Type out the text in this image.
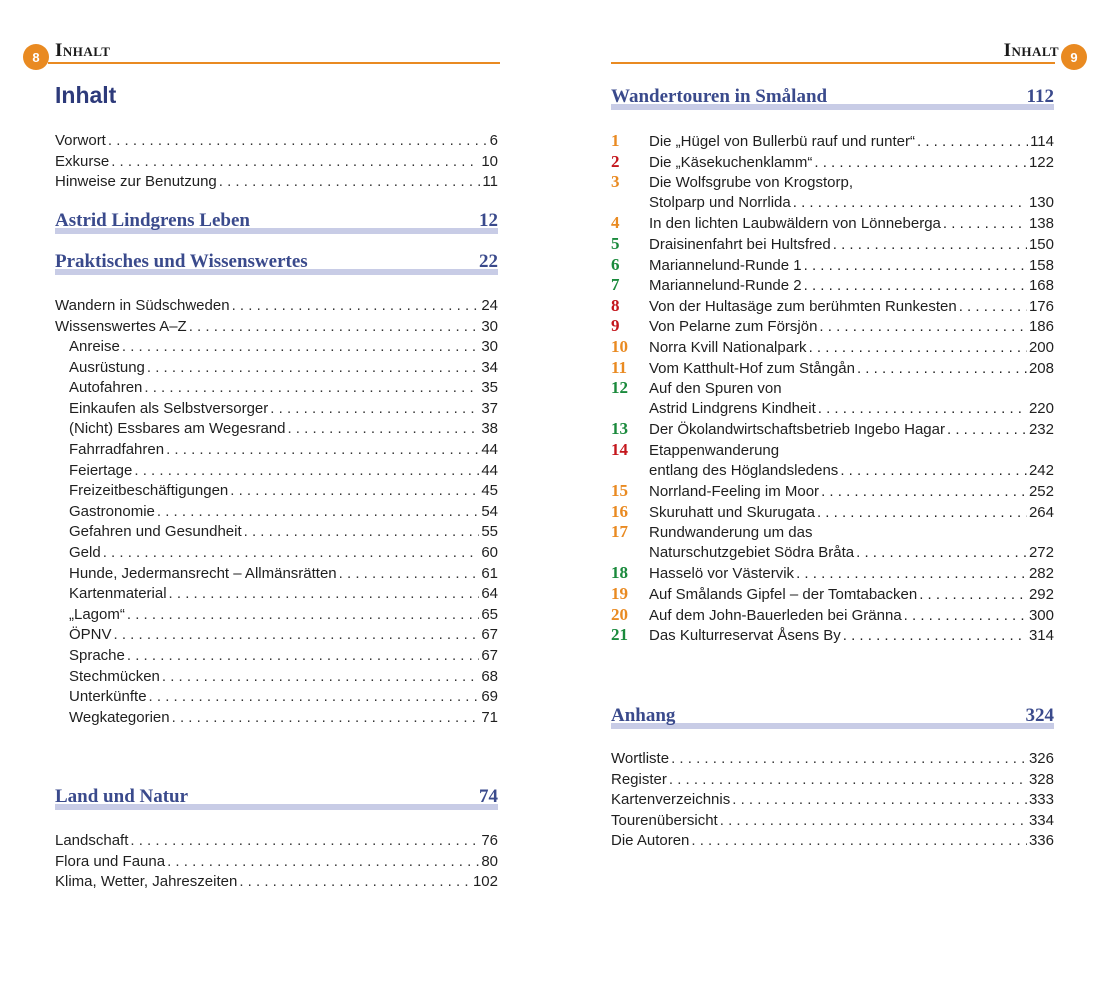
8 Inhalt
Inhalt
Vorwort . . .	6
Exkurse . . .	10
Hinweise zur Benutzung . . .	11
Astrid Lindgrens Leben	12
Praktisches und Wissenswertes	22
Wandern in Südschweden . . .	24
Wissenswertes A–Z . . .	30
Anreise . . .	30
Ausrüstung . . .	34
Autofahren . . .	35
Einkaufen als Selbstversorger . . .	37
(Nicht) Essbares am Wegesrand . . .	38
Fahrradfahren . . .	44
Feiertage . . .	44
Freizeitbeschäftigungen . . .	45
Gastronomie . . .	54
Gefahren und Gesundheit . . .	55
Geld . . .	60
Hunde, Jedermansrecht – Allmänsrätten . . .	61
Kartenmaterial . . .	64
„Lagom“ . . .	65
ÖPNV . . .	67
Sprache . . .	67
Stechmücken . . .	68
Unterkünfte . . .	69
Wegkategorien . . .	71
Land und Natur	74
Landschaft . . .	76
Flora und Fauna . . .	80
Klima, Wetter, Jahreszeiten . . .	102
9
Inhalt
Wandertouren in Småland	112
1	Die „Hügel von Bullerbü rauf und runter“ . . .	114
2	Die „Käsekuchenklamm“ . . .	122
3	Die Wolfsgrube von Krogstorp,
Stolparp und Norrlida . . .	130
4	In den lichten Laubwäldern von Lönneberga . . .	138
5	Draisinenfahrt bei Hultsfred . . .	150
6	Mariannelund-Runde 1 . . .	158
7	Mariannelund-Runde 2 . . .	168
8	Von der Hultasäge zum berühmten Runkesten . . .	176
9	Von Pelarne zum Försjön . . .	186
10	Norra Kvill Nationalpark . . .	200
11	Vom Katthult-Hof zum Stångån . . .	208
12	Auf den Spuren von
Astrid Lindgrens Kindheit . . .	220
13	Der Ökolandwirtschaftsbetrieb Ingebo Hagar . . .	232
14	Etappenwanderung
entlang des Höglandsledens . . .	242
15	Norrland-Feeling im Moor . . .	252
16	Skuruhatt und Skurugata . . .	264
17	Rundwanderung um das
Naturschutzgebiet Södra Bråta . . .	272
18	Hasselö vor Västervik . . .	282
19	Auf Smålands Gipfel – der Tomtabacken . . .	292
20	Auf dem John-Bauerleden bei Gränna . . .	300
21	Das Kulturreservat Åsens By . . .	314
Anhang	324
Wortliste . . .	326
Register . . .	328
Kartenverzeichnis . . .	333
Tourenübersicht . . .	334
Die Autoren . . .	336
